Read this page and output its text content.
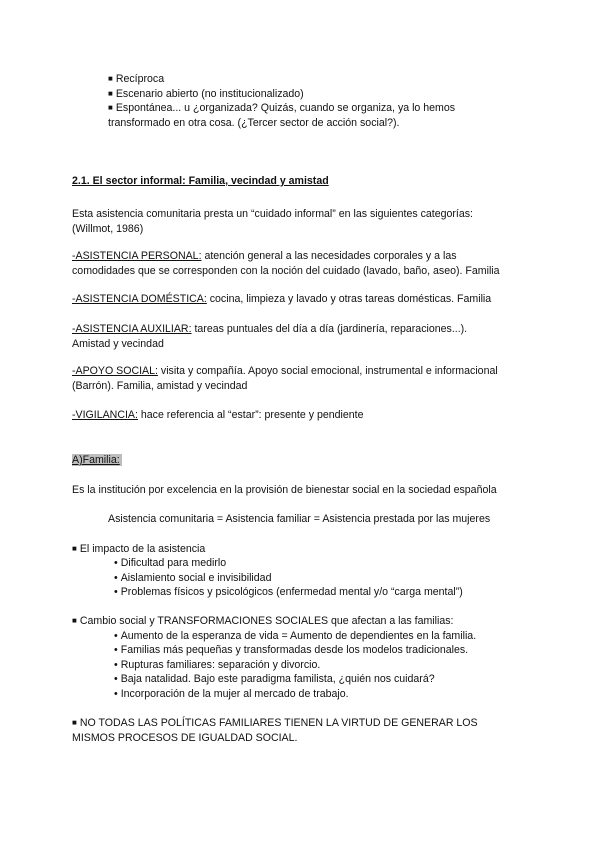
■ Recíproca
■ Escenario abierto (no institucionalizado)
■ Espontánea... u ¿organizada? Quizás, cuando se organiza, ya lo hemos
transformado en otra cosa. (¿Tercer sector de acción social?).
2.1. El sector informal: Familia, vecindad y amistad
Esta asistencia comunitaria presta un “cuidado informal” en las siguientes categorías:
(Willmot, 1986)
-ASISTENCIA PERSONAL: atención general a las necesidades corporales y a las
comodidades que se corresponden con la noción del cuidado (lavado, baño, aseo). Familia
-ASISTENCIA DOMÉSTICA: cocina, limpieza y lavado y otras tareas domésticas. Familia
-ASISTENCIA AUXILIAR: tareas puntuales del día a día (jardinería, reparaciones...).
Amistad y vecindad
-APOYO SOCIAL: visita y compañía. Apoyo social emocional, instrumental e informacional
(Barrón). Familia, amistad y vecindad
-VIGILANCIA: hace referencia al “estar”: presente y pendiente
A)Familia:
Es la institución por excelencia en la provisión de bienestar social en la sociedad española
Asistencia comunitaria = Asistencia familiar = Asistencia prestada por las mujeres
■ El impacto de la asistencia
• Dificultad para medirlo
• Aislamiento social e invisibilidad
• Problemas físicos y psicológicos (enfermedad mental y/o “carga mental”)
■ Cambio social y TRANSFORMACIONES SOCIALES que afectan a las familias:
• Aumento de la esperanza de vida = Aumento de dependientes en la familia.
• Familias más pequeñas y transformadas desde los modelos tradicionales.
• Rupturas familiares: separación y divorcio.
• Baja natalidad. Bajo este paradigma familista, ¿quién nos cuidará?
• Incorporación de la mujer al mercado de trabajo.
■ NO TODAS LAS POLÍTICAS FAMILIARES TIENEN LA VIRTUD DE GENERAR LOS
MISMOS PROCESOS DE IGUALDAD SOCIAL.
